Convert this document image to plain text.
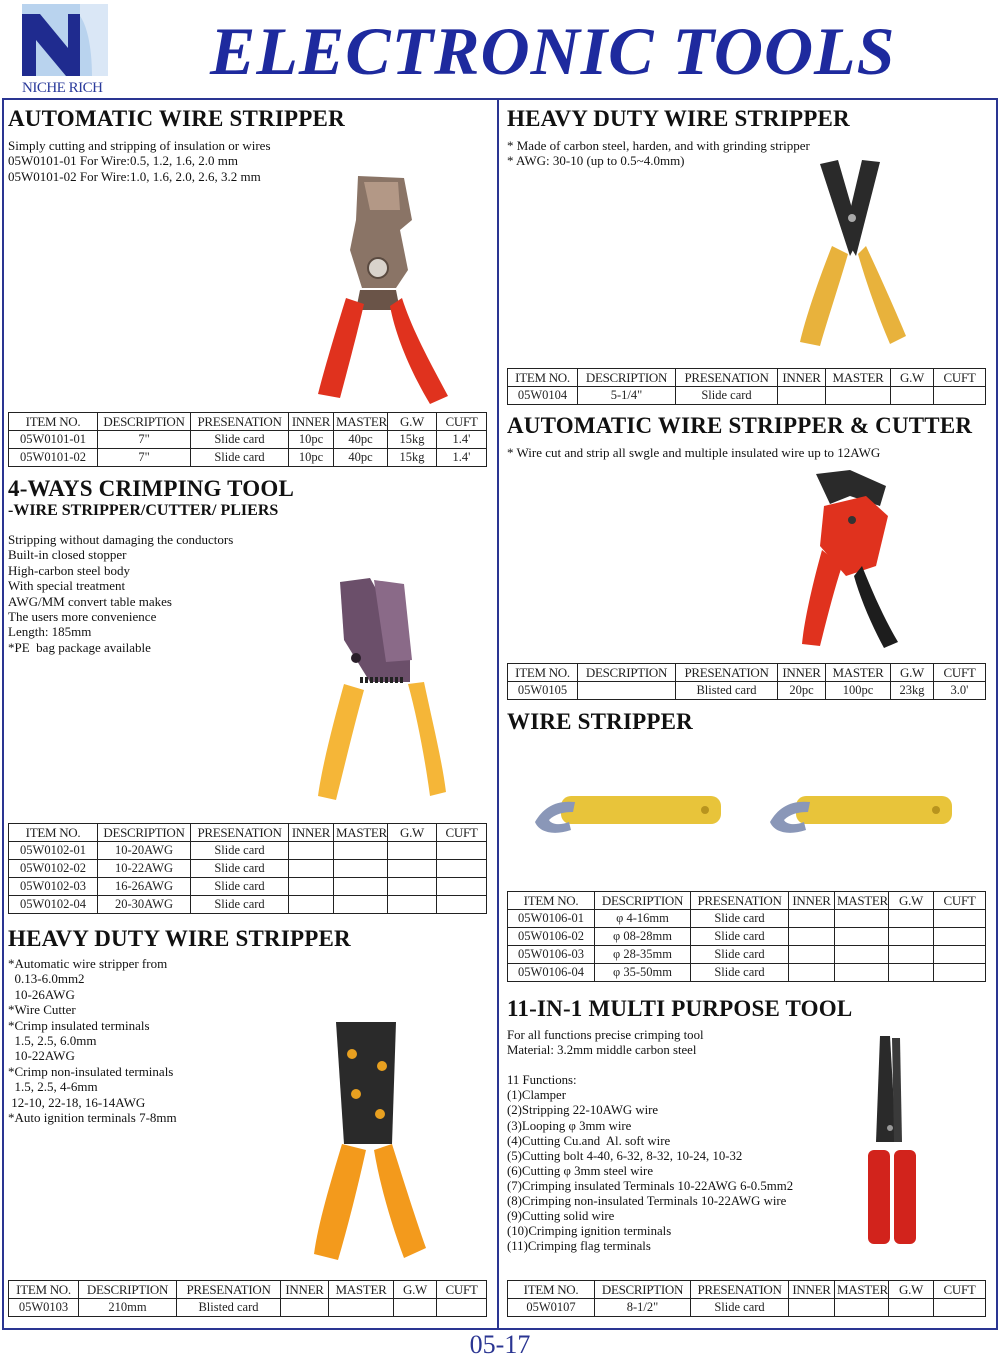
NICHE RICH ELECTRONIC TOOLS
AUTOMATIC WIRE STRIPPER
Simply cutting and stripping of insulation or wires
05W0101-01 For Wire:0.5, 1.2, 1.6, 2.0 mm
05W0101-02 For Wire:1.0, 1.6, 2.0, 2.6, 3.2 mm
ITEM NO.	DESCRIPTION	PRESENATION	INNER	MASTER	G.W	CUFT
05W0101-01	7"	Slide card	10pc	40pc	15kg	1.4'
05W0101-02	7"	Slide card	10pc	40pc	15kg	1.4'
4-WAYS CRIMPING TOOL
-WIRE STRIPPER/CUTTER/ PLIERS
Stripping without damaging the conductors
Built-in closed stopper
High-carbon steel body
With special treatment
AWG/MM convert table makes
The users more convenience
Length: 185mm
*PE  bag package available
ITEM NO.	DESCRIPTION	PRESENATION	INNER	MASTER	G.W	CUFT
05W0102-01	10-20AWG	Slide card				
05W0102-02	10-22AWG	Slide card				
05W0102-03	16-26AWG	Slide card				
05W0102-04	20-30AWG	Slide card				
HEAVY DUTY WIRE STRIPPER
*Automatic wire stripper from
0.13-6.0mm2
10-26AWG
*Wire Cutter
*Crimp insulated terminals
1.5, 2.5, 6.0mm
10-22AWG
*Crimp non-insulated terminals
1.5, 2.5, 4-6mm
12-10, 22-18, 16-14AWG
*Auto ignition terminals 7-8mm
ITEM NO.	DESCRIPTION	PRESENATION	INNER	MASTER	G.W	CUFT
05W0103	210mm	Blisted card				
HEAVY DUTY WIRE STRIPPER
* Made of carbon steel, harden, and with grinding stripper
* AWG: 30-10 (up to 0.5~4.0mm)
ITEM NO.	DESCRIPTION	PRESENATION	INNER	MASTER	G.W	CUFT
05W0104	5-1/4"	Slide card				
AUTOMATIC WIRE STRIPPER & CUTTER
* Wire cut and strip all swgle and multiple insulated wire up to 12AWG
ITEM NO.	DESCRIPTION	PRESENATION	INNER	MASTER	G.W	CUFT
05W0105		Blisted card	20pc	100pc	23kg	3.0'
WIRE STRIPPER
ITEM NO.	DESCRIPTION	PRESENATION	INNER	MASTER	G.W	CUFT
05W0106-01	φ 4-16mm	Slide card				
05W0106-02	φ 08-28mm	Slide card				
05W0106-03	φ 28-35mm	Slide card				
05W0106-04	φ 35-50mm	Slide card				
11-IN-1 MULTI PURPOSE TOOL
For all functions precise crimping tool
Material: 3.2mm middle carbon steel

11 Functions:
(1)Clamper
(2)Stripping 22-10AWG wire
(3)Looping φ 3mm wire
(4)Cutting Cu.and  Al. soft wire
(5)Cutting bolt 4-40, 6-32, 8-32, 10-24, 10-32
(6)Cutting φ 3mm steel wire
(7)Crimping insulated Terminals 10-22AWG 6-0.5mm2
(8)Crimping non-insulated Terminals 10-22AWG wire
(9)Cutting solid wire
(10)Crimping ignition terminals
(11)Crimping flag terminals
ITEM NO.	DESCRIPTION	PRESENATION	INNER	MASTER	G.W	CUFT
05W0107	8-1/2"	Slide card				
05-17
